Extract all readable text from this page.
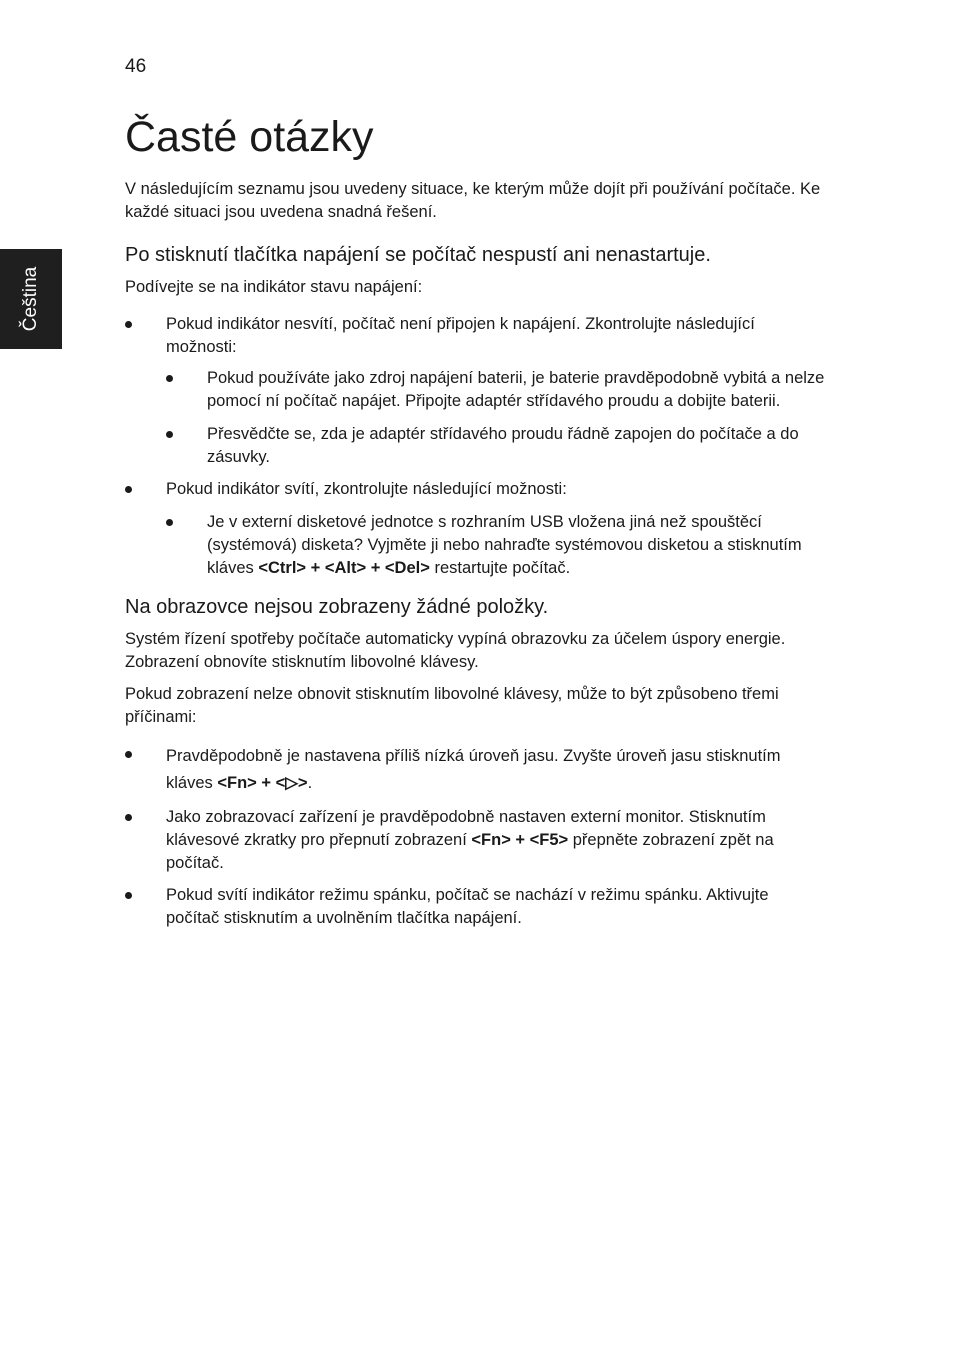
46
Čeština
Časté otázky

V následujícím seznamu jsou uvedeny situace, ke kterým může dojít při používání počítače. Ke každé situaci jsou uvedena snadná řešení.

Po stisknutí tlačítka napájení se počítač nespustí ani nenastartuje.

Podívejte se na indikátor stavu napájení:

Pokud indikátor nesvítí, počítač není připojen k napájení. Zkontrolujte následující možnosti:
Pokud používáte jako zdroj napájení baterii, je baterie pravděpodobně vybitá a nelze pomocí ní počítač napájet. Připojte adaptér střídavého proudu a dobijte baterii.
Přesvědčte se, zda je adaptér střídavého proudu řádně zapojen do počítače a do zásuvky.
Pokud indikátor svítí, zkontrolujte následující možnosti:
Je v externí disketové jednotce s rozhraním USB vložena jiná než spouštěcí (systémová) disketa? Vyjměte ji nebo nahraďte systémovou disketou a stisknutím kláves <Ctrl> + <Alt> + <Del> restartujte počítač.
Na obrazovce nejsou zobrazeny žádné položky.

Systém řízení spotřeby počítače automaticky vypíná obrazovku za účelem úspory energie. Zobrazení obnovíte stisknutím libovolné klávesy.

Pokud zobrazení nelze obnovit stisknutím libovolné klávesy, může to být způsobeno třemi příčinami:

Pravděpodobně je nastavena příliš nízká úroveň jasu. Zvyšte úroveň jasu stisknutím kláves <Fn> + <▷>.
Jako zobrazovací zařízení je pravděpodobně nastaven externí monitor. Stisknutím klávesové zkratky pro přepnutí zobrazení <Fn> + <F5> přepněte zobrazení zpět na počítač.
Pokud svítí indikátor režimu spánku, počítač se nachází v režimu spánku. Aktivujte počítač stisknutím a uvolněním tlačítka napájení.
